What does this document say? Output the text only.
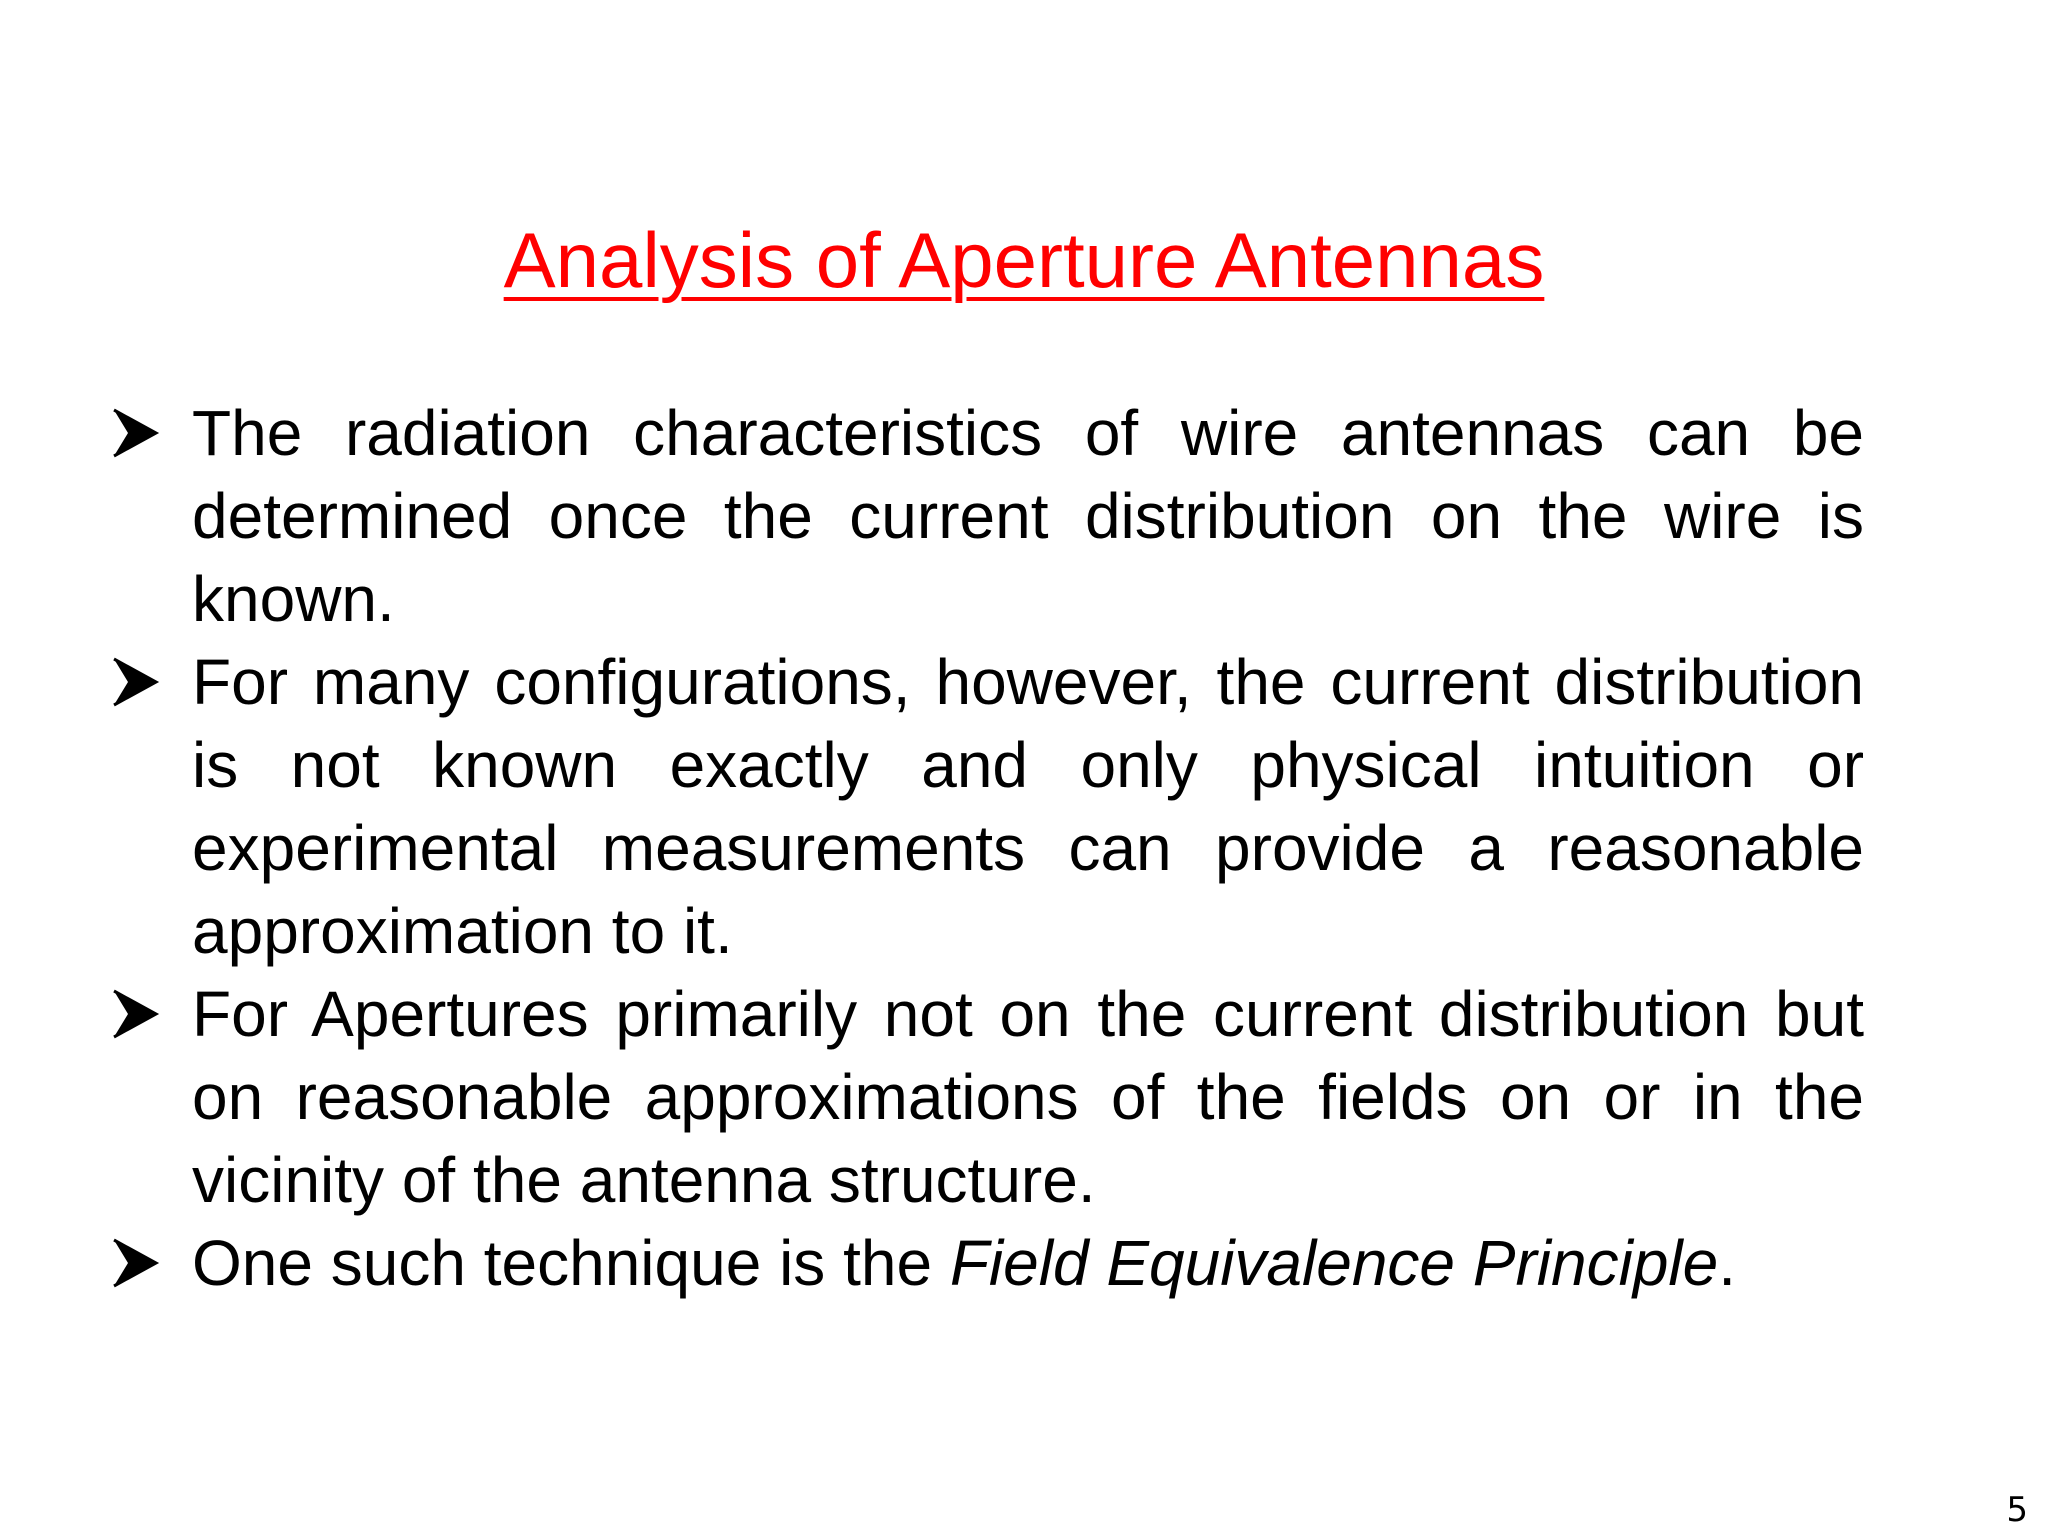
Analysis of Aperture Antennas
The radiation characteristics of wire antennas can be determined once the current distribution on the wire is known.
For many configurations, however, the current distribution is not known exactly and only physical intuition or experimental measurements can provide a reasonable approximation to it.
For Apertures primarily not on the current distribution but on reasonable approximations of the fields on or in the vicinity of the antenna structure.
One such technique is the Field Equivalence Principle.
5
